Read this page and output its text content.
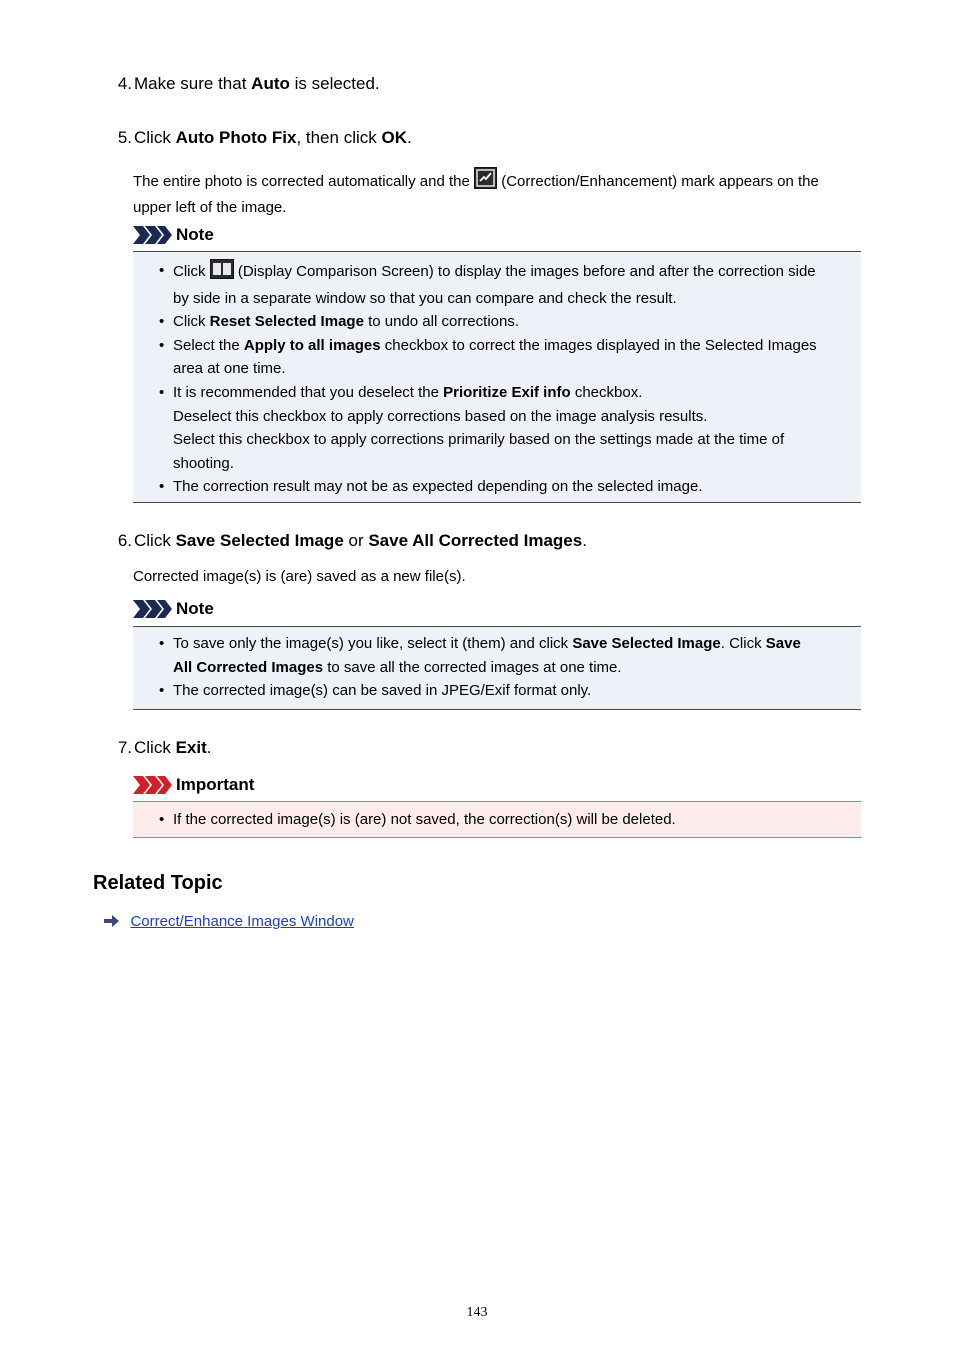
4. Make sure that Auto is selected.
5. Click Auto Photo Fix, then click OK.
The entire photo is corrected automatically and the  (Correction/Enhancement) mark appears on the
upper left of the image.
Note
• Click  (Display Comparison Screen) to display the images before and after the correction side
by side in a separate window so that you can compare and check the result.
• Click Reset Selected Image to undo all corrections.
• Select the Apply to all images checkbox to correct the images displayed in the Selected Images
area at one time.
• It is recommended that you deselect the Prioritize Exif info checkbox.
Deselect this checkbox to apply corrections based on the image analysis results.
Select this checkbox to apply corrections primarily based on the settings made at the time of
shooting.
• The correction result may not be as expected depending on the selected image.
6. Click Save Selected Image or Save All Corrected Images.
Corrected image(s) is (are) saved as a new file(s).
Note
• To save only the image(s) you like, select it (them) and click Save Selected Image. Click Save
All Corrected Images to save all the corrected images at one time.
• The corrected image(s) can be saved in JPEG/Exif format only.
7. Click Exit.
Important
• If the corrected image(s) is (are) not saved, the correction(s) will be deleted.
Related Topic
Correct/Enhance Images Window
143
